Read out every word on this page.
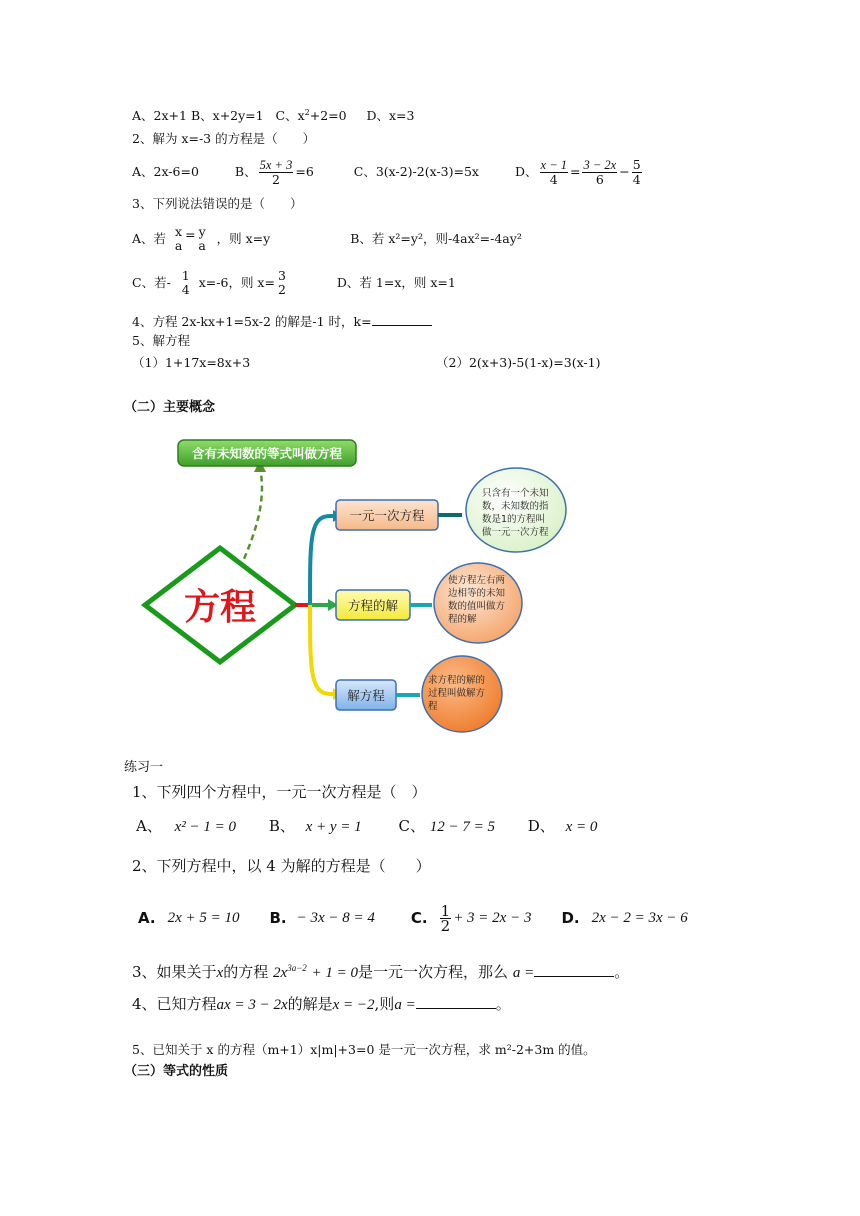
A、2x+1 B、x+2y=1 C、$x^2+2=0$ D、x=3
2、解为 x=-3 的方程是（　　）
A、2x-6=0	B、 $\frac{5x + 3}{2} =6$	C、3(x-2)-2(x-3)=5x	D、 $\frac{x - 1}{4} = \frac{3 - 2x}{6} - \frac{5}{4}$
3、下列说法错误的是（　　）
A、若 x
a
= y
a ，则 x=y	B、若 x²=y²，则-4ax²=-4ay²
C、若- 1
4 x=-6，则 x= 3
2	D、若 1=x，则 x=1
4、方程 2x-kx+1=5x-2 的解是-1 时，k=
5、解方程
（1）1+17x=8x+3	（2）2(x+3)-5(1-x)=3(x-1)
（二）主要概念
含有未知数的等式叫做方程
方程
一元一次方程
只含有一个未知 数，未知数的指 数是1的方程叫 做一元一次方程
方程的解
使方程左右两 边相等的未知 数的值叫做方 程的解
解方程
求方程的解的 过程叫做解方 程
练习一
1、下列四个方程中，一元一次方程是（　）
A、 x² − 1 = 0 B、 x + y = 1 C、 12 − 7 = 5 D、 x = 0
2、下列方程中，以 4 为解的方程是（　　）
A. 2x + 5 = 10 B. − 3x − 8 = 4 C. $\frac{1}{2} + 3 = 2x - 3$ D. 2x − 2 = 3x − 6
3、如果关于x的方程 $2x^{3a-2} + 1 = 0$是一元一次方程，那么 a =	。
4、已知方程ax = 3 − 2x的解是x = −2,则a =	。
5、已知关于 x 的方程（m+1）x|m|+3=0 是一元一次方程，求 m²-2+3m 的值。
（三）等式的性质
